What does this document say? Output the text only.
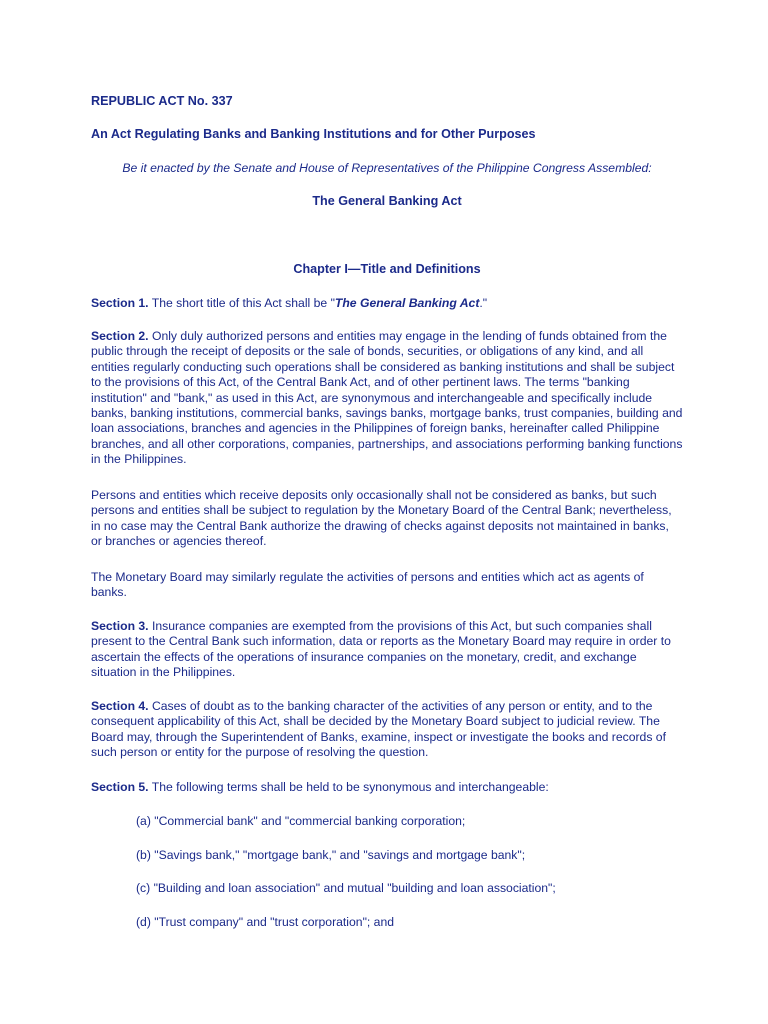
REPUBLIC ACT No. 337

An Act Regulating Banks and Banking Institutions and for Other Purposes

Be it enacted by the Senate and House of Representatives of the Philippine Congress Assembled:

The General Banking Act

Chapter I—Title and Definitions

Section 1. The short title of this Act shall be "The General Banking Act."

Section 2. Only duly authorized persons and entities may engage in the lending of funds obtained from the public through the receipt of deposits or the sale of bonds, securities, or obligations of any kind, and all entities regularly conducting such operations shall be considered as banking institutions and shall be subject to the provisions of this Act, of the Central Bank Act, and of other pertinent laws. The terms "banking institution" and "bank," as used in this Act, are synonymous and interchangeable and specifically include banks, banking institutions, commercial banks, savings banks, mortgage banks, trust companies, building and loan associations, branches and agencies in the Philippines of foreign banks, hereinafter called Philippine branches, and all other corporations, companies, partnerships, and associations performing banking functions in the Philippines.

Persons and entities which receive deposits only occasionally shall not be considered as banks, but such persons and entities shall be subject to regulation by the Monetary Board of the Central Bank; nevertheless, in no case may the Central Bank authorize the drawing of checks against deposits not maintained in banks, or branches or agencies thereof.

The Monetary Board may similarly regulate the activities of persons and entities which act as agents of banks.

Section 3. Insurance companies are exempted from the provisions of this Act, but such companies shall present to the Central Bank such information, data or reports as the Monetary Board may require in order to ascertain the effects of the operations of insurance companies on the monetary, credit, and exchange situation in the Philippines.

Section 4. Cases of doubt as to the banking character of the activities of any person or entity, and to the consequent applicability of this Act, shall be decided by the Monetary Board subject to judicial review. The Board may, through the Superintendent of Banks, examine, inspect or investigate the books and records of such person or entity for the purpose of resolving the question.

Section 5. The following terms shall be held to be synonymous and interchangeable:

(a) "Commercial bank" and "commercial banking corporation;

(b) "Savings bank," "mortgage bank," and "savings and mortgage bank";

(c) "Building and loan association" and mutual "building and loan association";

(d) "Trust company" and "trust corporation"; and
